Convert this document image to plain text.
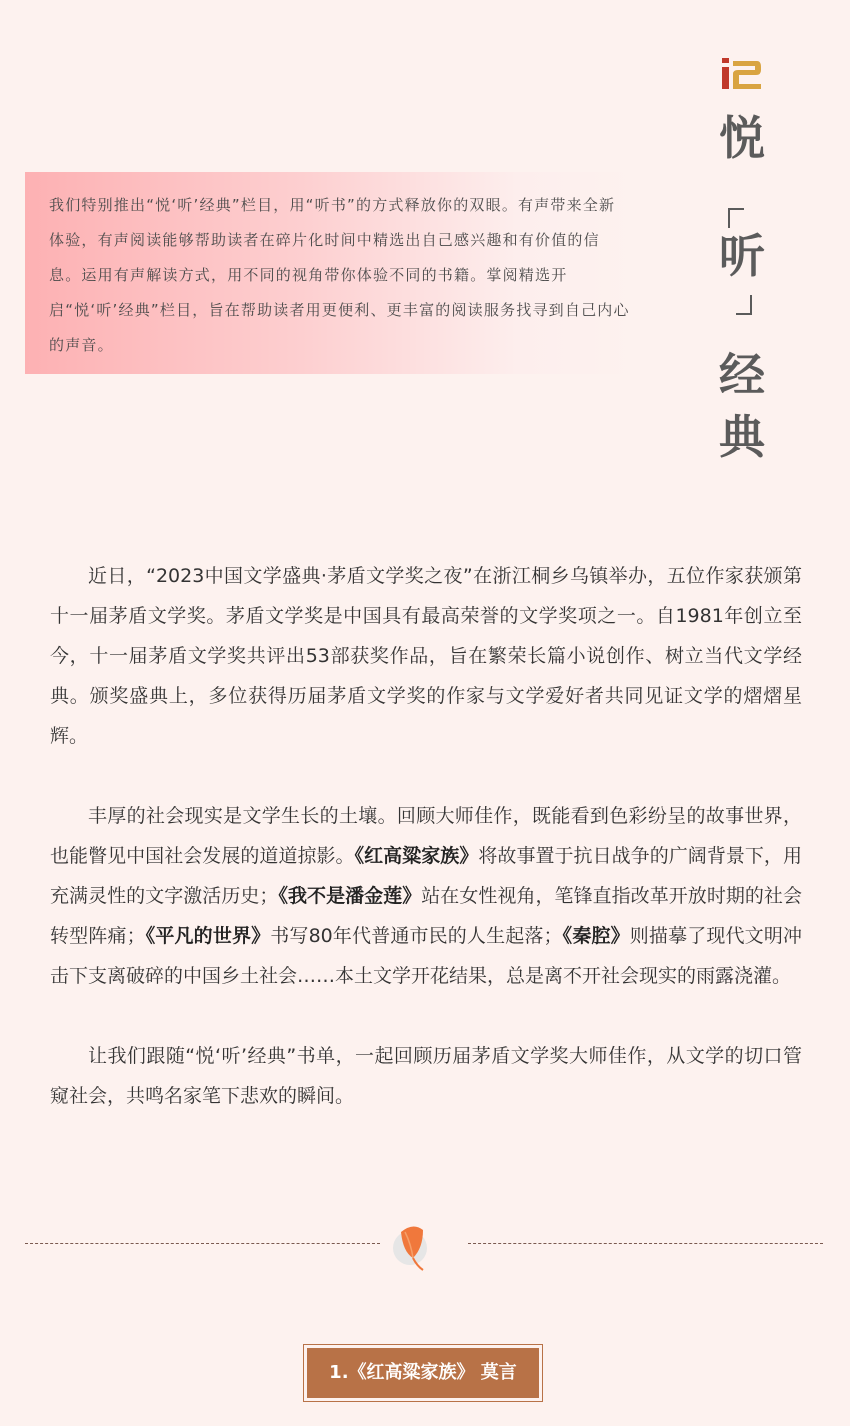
我们特别推出“悦‘听’经典”栏目，用“听书”的方式释放你的双眼。有声带来全新体验，有声阅读能够帮助读者在碎片化时间中精选出自己感兴趣和有价值的信息。运用有声解读方式，用不同的视角带你体验不同的书籍。掌阅精选开启“悦‘听’经典”栏目，旨在帮助读者用更便利、更丰富的阅读服务找寻到自己内心的声音。

悦
听
经
典

近日，“2023中国文学盛典·茅盾文学奖之夜”在浙江桐乡乌镇举办，五位作家获颁第十一届茅盾文学奖。茅盾文学奖是中国具有最高荣誉的文学奖项之一。自1981年创立至今，十一届茅盾文学奖共评出53部获奖作品，旨在繁荣长篇小说创作、树立当代文学经典。颁奖盛典上，多位获得历届茅盾文学奖的作家与文学爱好者共同见证文学的熠熠星辉。

丰厚的社会现实是文学生长的土壤。回顾大师佳作，既能看到色彩纷呈的故事世界，也能瞥见中国社会发展的道道掠影。《红高粱家族》将故事置于抗日战争的广阔背景下，用充满灵性的文字激活历史；《我不是潘金莲》站在女性视角，笔锋直指改革开放时期的社会转型阵痛；《平凡的世界》书写80年代普通市民的人生起落；《秦腔》则描摹了现代文明冲击下支离破碎的中国乡土社会……本土文学开花结果，总是离不开社会现实的雨露浇灌。

让我们跟随“悦‘听’经典”书单，一起回顾历届茅盾文学奖大师佳作，从文学的切口管窥社会，共鸣名家笔下悲欢的瞬间。

1.《红高粱家族》 莫言
